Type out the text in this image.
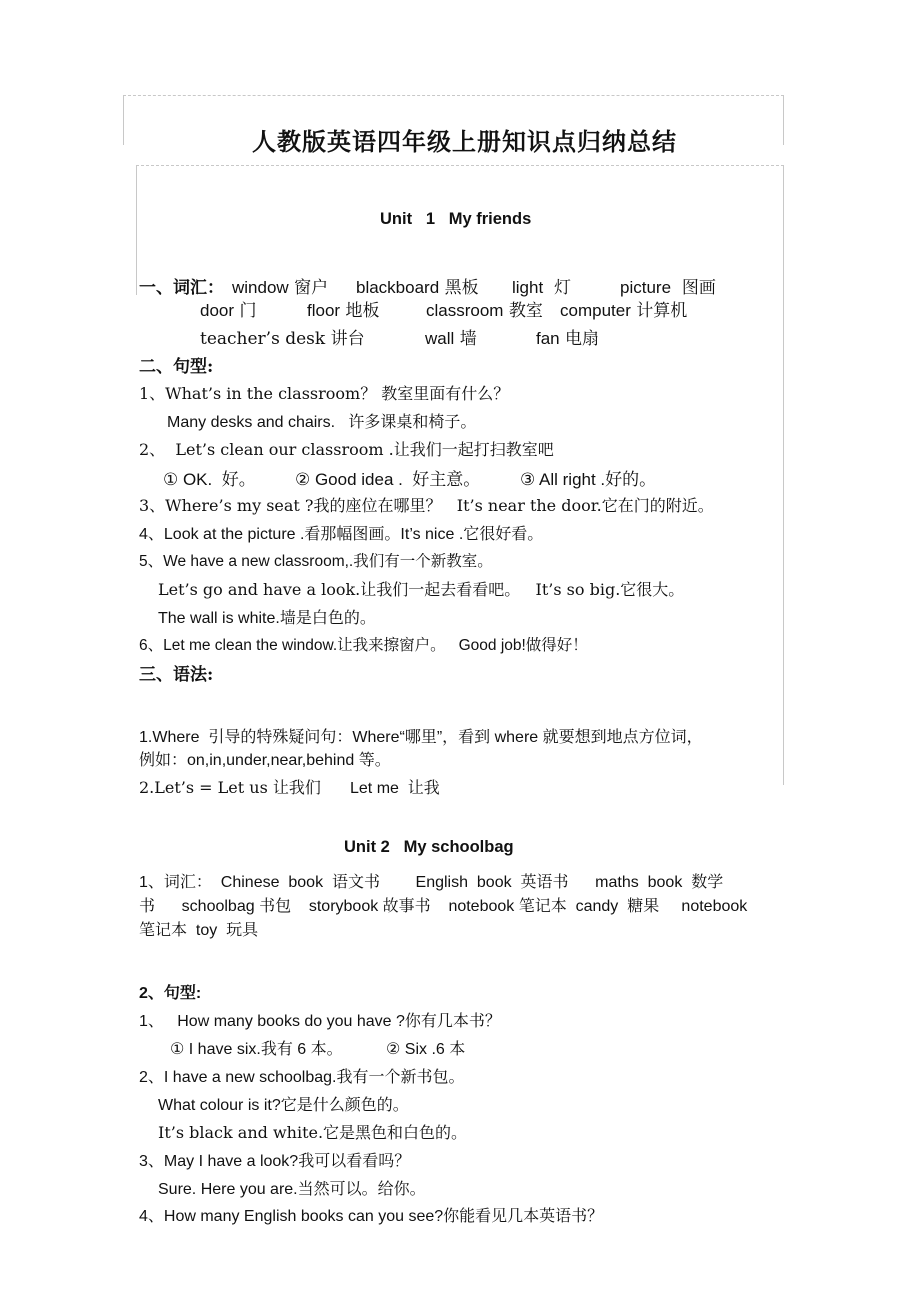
人教版英语四年级上册知识点归纳总结
Unit   1   My friends
一、词汇： window 窗户 blackboard 黑板 light 灯	picture 图画
door 门	floor 地板	classroom 教室 computer 计算机
teacher’s desk 讲台	wall 墙	fan 电扇
二、句型:
1、What’s in the classroom？ 教室里面有什么？
Many desks and chairs.   许多课桌和椅子。
2、  Let’s clean our classroom .让我们一起打扫教室吧
① OK.  好。 ② Good idea .  好主意。 ③ All right .好的。
3、Where’s my seat ?我的座位在哪里？   It’s near the door.它在门的附近。
4、Look at the picture .看那幅图画。It’s nice .它很好看。
5、We have a new classroom,.我们有一个新教室。
Let’s go and have a look.让我们一起去看看吧。   It’s so big.它很大。
The wall is white.墙是白色的。
6、Let me clean the window.让我来擦窗户。   Good job!做得好！
三、语法:
1.Where  引导的特殊疑问句：Where“哪里”，看到 where 就要想到地点方位词，
例如：on,in,under,near,behind 等。
2.Let’s = Let us 让我们 Let me  让我
Unit 2   My schoolbag
1、词汇：  Chinese  book  语文书        English  book  英语书      maths  book  数学
书      schoolbag 书包    storybook 故事书    notebook 笔记本  candy  糖果     notebook
笔记本  toy  玩具
2、句型:
1、   How many books do you have ?你有几本书？
① I have six.我有 6 本。	② Six .6 本
2、I have a new schoolbag.我有一个新书包。
What colour is it?它是什么颜色的。
It’s black and white.它是黑色和白色的。
3、May I have a look?我可以看看吗？
Sure. Here you are.当然可以。给你。
4、How many English books can you see?你能看见几本英语书？
